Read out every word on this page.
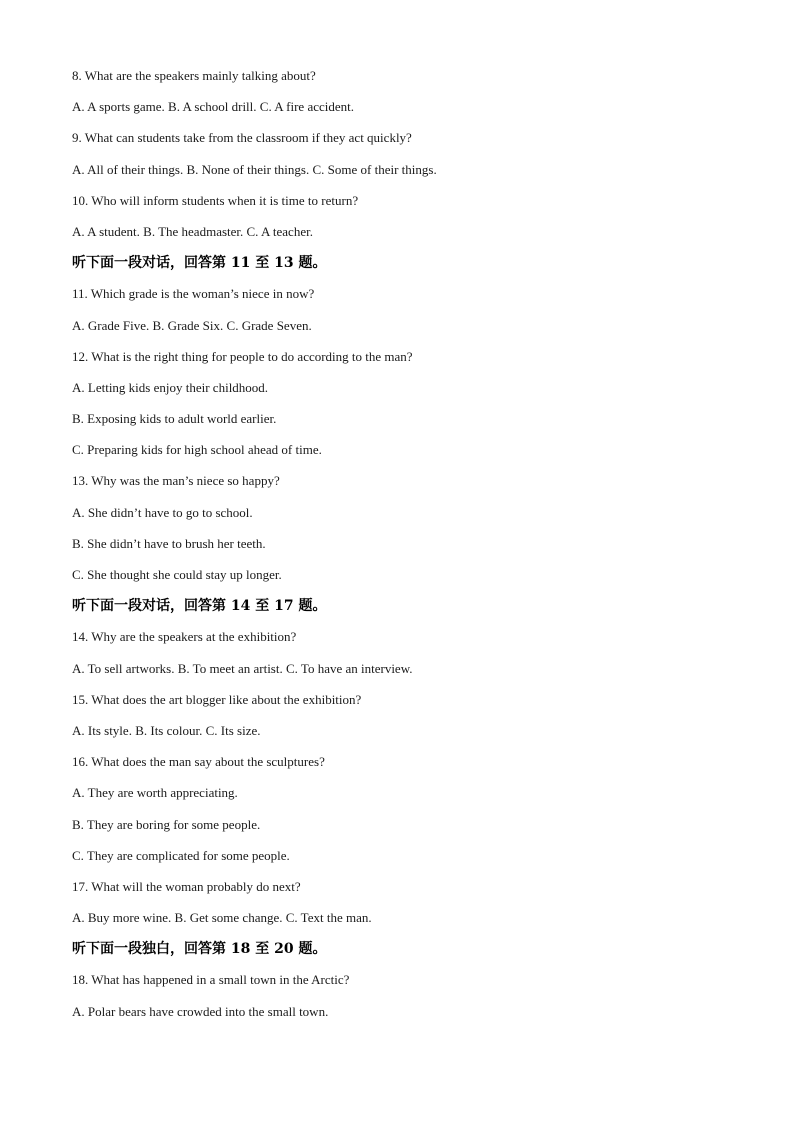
8. What are the speakers mainly talking about?
A. A sports game. B. A school drill. C. A fire accident.
9. What can students take from the classroom if they act quickly?
A. All of their things. B. None of their things. C. Some of their things.
10. Who will inform students when it is time to return?
A. A student. B. The headmaster. C. A teacher.
听下面一段对话，回答第 11 至 13 题。
11. Which grade is the woman’s niece in now?
A. Grade Five. B. Grade Six. C. Grade Seven.
12. What is the right thing for people to do according to the man?
A. Letting kids enjoy their childhood.
B. Exposing kids to adult world earlier.
C. Preparing kids for high school ahead of time.
13. Why was the man’s niece so happy?
A. She didn’t have to go to school.
B. She didn’t have to brush her teeth.
C. She thought she could stay up longer.
听下面一段对话，回答第 14 至 17 题。
14. Why are the speakers at the exhibition?
A. To sell artworks. B. To meet an artist. C. To have an interview.
15. What does the art blogger like about the exhibition?
A. Its style. B. Its colour. C. Its size.
16. What does the man say about the sculptures?
A. They are worth appreciating.
B. They are boring for some people.
C. They are complicated for some people.
17. What will the woman probably do next?
A. Buy more wine. B. Get some change. C. Text the man.
听下面一段独白，回答第 18 至 20 题。
18. What has happened in a small town in the Arctic?
A. Polar bears have crowded into the small town.
